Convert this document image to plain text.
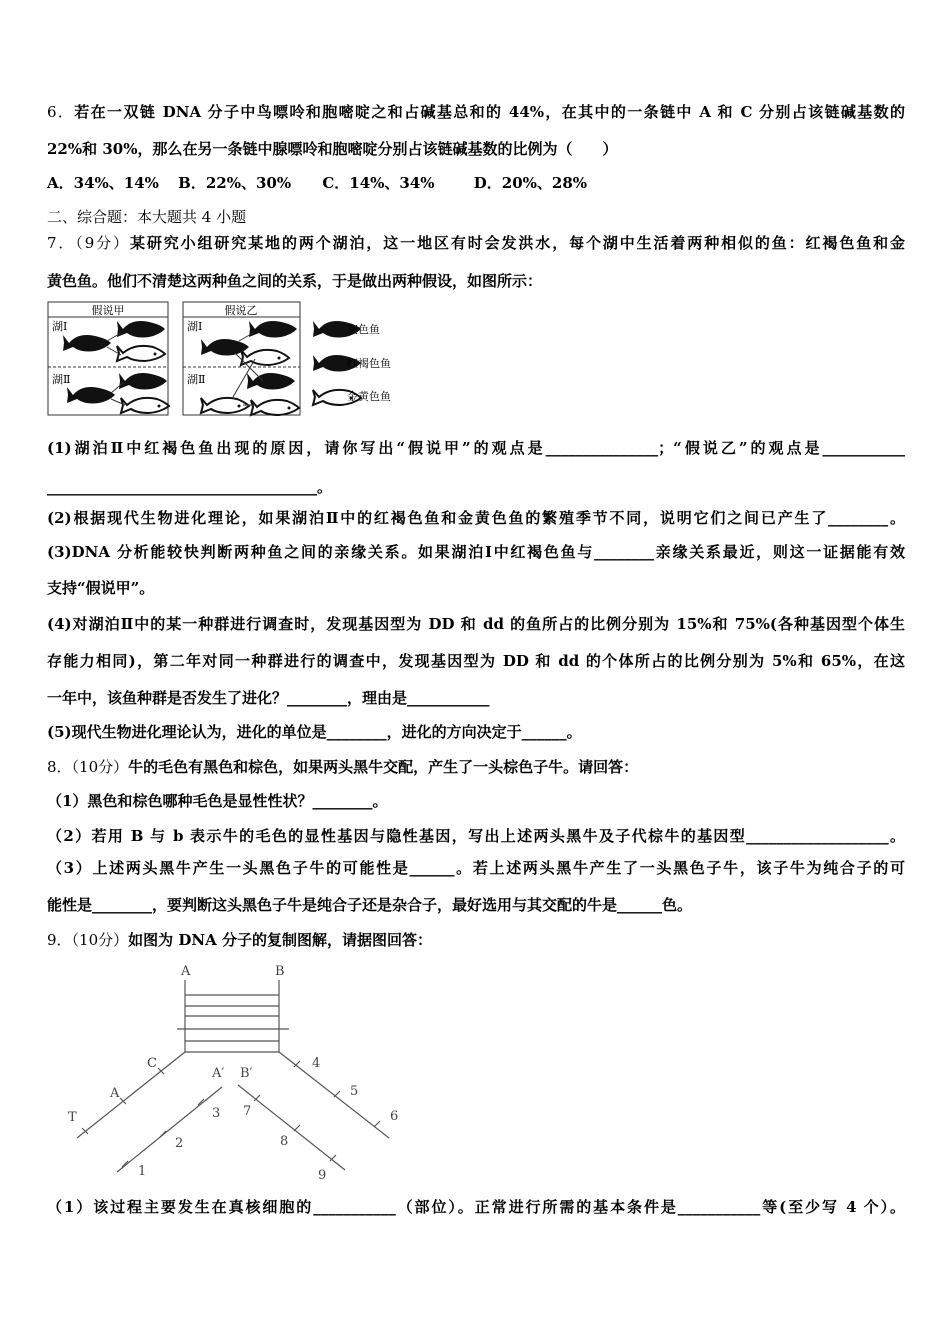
6．若在一双链 DNA 分子中鸟嘌呤和胞嘧啶之和占碱基总和的 44%，在其中的一条链中 A 和 C 分别占该链碱基数的
22%和 30%，那么在另一条链中腺嘌呤和胞嘧啶分别占该链碱基数的比例为（　　）
A．34%、14% B．22%、30% C．14%、34%	D．20%、28%
二、综合题：本大题共 4 小题
7．（9分）某研究小组研究某地的两个湖泊，这一地区有时会发洪水，每个湖中生活着两种相似的鱼：红褐色鱼和金
黄色鱼。他们不清楚这两种鱼之间的关系，于是做出两种假设，如图所示：
假说甲
湖Ⅰ
湖Ⅱ
假说乙
湖Ⅰ
湖Ⅱ
灰色鱼
红褐色鱼
金黄色鱼
(1)湖泊Ⅱ中红褐色鱼出现的原因，请你写出“假说甲”的观点是_______________；“假说乙”的观点是___________
____________________________________。
(2)根据现代生物进化理论，如果湖泊Ⅱ中的红褐色鱼和金黄色鱼的繁殖季节不同，说明它们之间已产生了________。
(3)DNA 分析能较快判断两种鱼之间的亲缘关系。如果湖泊Ⅰ中红褐色鱼与________亲缘关系最近，则这一证据能有效
支持“假说甲”。
(4)对湖泊Ⅱ中的某一种群进行调查时，发现基因型为 DD 和 dd 的鱼所占的比例分别为 15%和 75%(各种基因型个体生
存能力相同)，第二年对同一种群进行的调查中，发现基因型为 DD 和 dd 的个体所占的比例分别为 5%和 65%，在这
一年中，该鱼种群是否发生了进化？________，理由是___________
(5)现代生物进化理论认为，进化的单位是________，进化的方向决定于______。
8．（10分）牛的毛色有黑色和棕色，如果两头黑牛交配，产生了一头棕色子牛。请回答：
（1）黑色和棕色哪种毛色是显性性状？________。
（2）若用 B 与 b 表示牛的毛色的显性基因与隐性基因，写出上述两头黑牛及子代棕牛的基因型___________________。
（3）上述两头黑牛产生一头黑色子牛的可能性是______。若上述两头黑牛产生了一头黑色子牛，该子牛为纯合子的可
能性是________，要判断这头黑色子牛是纯合子还是杂合子，最好选用与其交配的牛是______色。
9．（10分）如图为 DNA 分子的复制图解，请据图回答：
A	B
C
A
T
A′ B′
1
2
3
4
5
6
7
8
9
（1）该过程主要发生在真核细胞的___________（部位）。正常进行所需的基本条件是___________等(至少写 4 个）。
